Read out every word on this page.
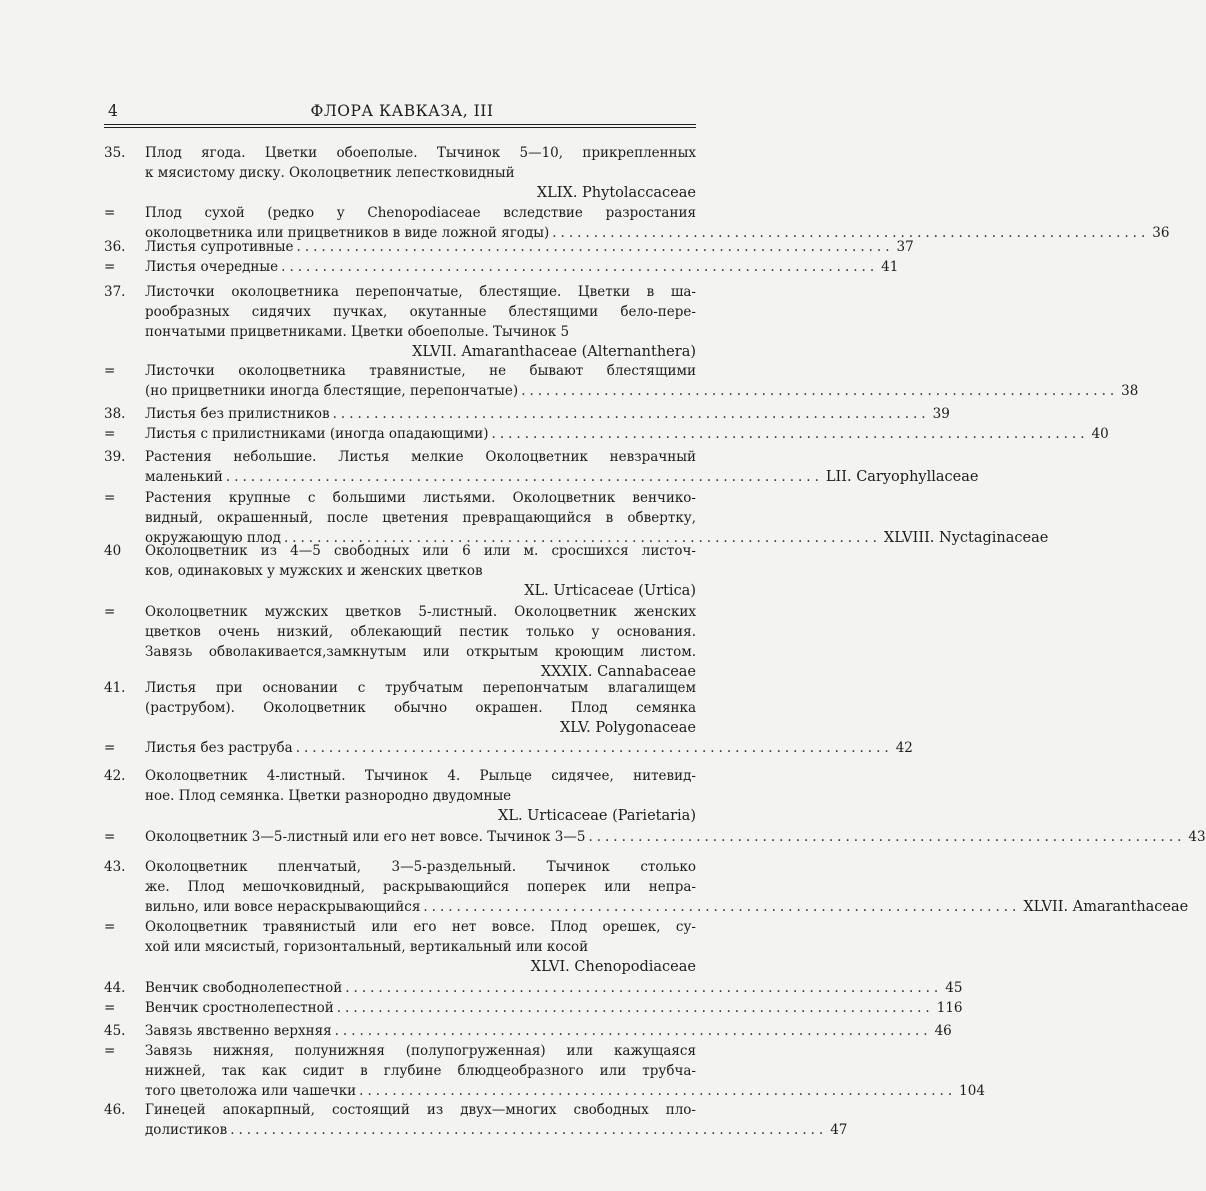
4	ФЛОРА КАВКАЗА, III
35.	Плод ягода. Цветки обоеполые. Тычинок 5—10, прикрепленных
к мясистому диску. Околоцветник лепестковидный
XLIX. Phytolaccaceae
=	Плод сухой (редко у Chenopodiaceae вследствие разростания
околоцветника или прицветников в виде ложной ягоды) ........................................................................ 36
36.	Листья супротивные ........................................................................ 37
=	Листья очередные ........................................................................ 41
37.	Листочки околоцветника перепончатые, блестящие. Цветки в ша-
рообразных сидячих пучках, окутанные блестящими бело-пере-
пончатыми прицветниками. Цветки обоеполые. Тычинок 5
XLVII. Amaranthaceae (Alternanthera)
=	Листочки околоцветника травянистые, не бывают блестящими
(но прицветники иногда блестящие, перепончатые) ........................................................................ 38
38.	Листья без прилистников ........................................................................ 39
=	Листья с прилистниками (иногда опадающими) ........................................................................ 40
39.	Растения небольшие. Листья мелкие Околоцветник невзрачный
маленький ........................................................................ LII. Caryophyllaceae
=	Растения крупные с большими листьями. Околоцветник венчико-
видный, окрашенный, после цветения превращающийся в обвертку,
окружающую плод ........................................................................ XLVIII. Nyctaginaceae
40	Околоцветник из 4—5 свободных или 6 или м. сросшихся листоч-
ков, одинаковых у мужских и женских цветков
XL. Urticaceae (Urtica)
=	Околоцветник мужских цветков 5-листный. Околоцветник женских
цветков очень низкий, облекающий пестик только у основания.
Завязь обволакивается,замкнутым или открытым кроющим листом.
XXXIX. Cannabaceae
41.	Листья при основании с трубчатым перепончатым влагалищем
(раструбом). Околоцветник обычно окрашен. Плод семянка
XLV. Polygonaceae
=	Листья без раструба ........................................................................ 42
42.	Околоцветник 4-листный. Тычинок 4. Рыльце сидячее, нитевид-
ное. Плод семянка. Цветки разнородно двудомные
XL. Urticaceae (Parietaria)
=	Околоцветник 3—5-листный или его нет вовсе. Тычинок 3—5 ........................................................................ 43
43.	Околоцветник пленчатый, 3—5-раздельный. Тычинок столько
же. Плод мешочковидный, раскрывающийся поперек или непра-
вильно, или вовсе нераскрывающийся ........................................................................ XLVII. Amaranthaceae
=	Околоцветник травянистый или его нет вовсе. Плод орешек, су-
хой или мясистый, горизонтальный, вертикальный или косой
XLVI. Chenopodiaceae
44.	Венчик свободнолепестной ........................................................................ 45
=	Венчик сростнолепестной ........................................................................ 116
45.	Завязь явственно верхняя ........................................................................ 46
=	Завязь нижняя, полунижняя (полупогруженная) или кажущаяся
нижней, так как сидит в глубине блюдцеобразного или трубча-
того цветоложа или чашечки ........................................................................ 104
46.	Гинецей апокарпный, состоящий из двух—многих свободных пло-
долистиков ........................................................................ 47
